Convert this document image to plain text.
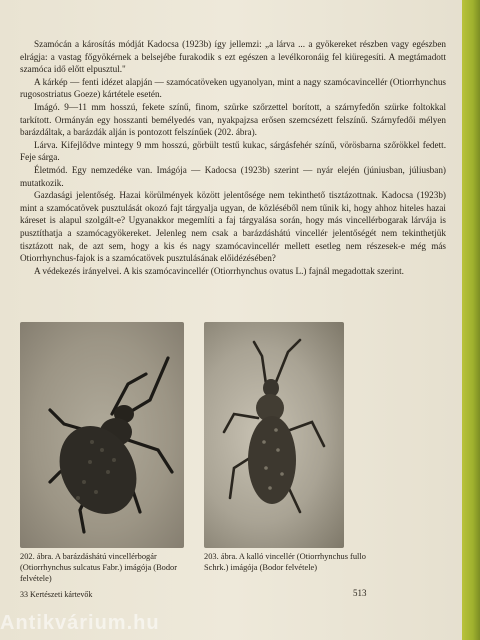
Szamócán a károsítás módját Kadocsa (1923b) így jellemzi: „a lárva ... a gyökereket részben vagy egészben elrágja: a vastag főgyökérnek a belsejébe furakodik s ezt egészen a levélkoronáig fel kiüregesíti. A megtámadott szamóca idő előtt elpusztul."

A kárkép — fenti idézet alapján — szamócatöveken ugyanolyan, mint a nagy szamócavincellér (Otiorrhynchus rugosostriatus Goeze) kártétele esetén.

Imágó. 9—11 mm hosszú, fekete színű, finom, szürke szőrzettel borított, a szárnyfedőn szürke foltokkal tarkított. Ormányán egy hosszanti bemélyedés van, nyakpajzsa erősen szemcsézett felszínű. Szárnyfedői mélyen barázdáltak, a barázdák alján is pontozott felszínűek (202. ábra).

Lárva. Kifejlődve mintegy 9 mm hosszú, görbült testű kukac, sárgásfehér színű, vörösbarna szőrökkel fedett. Feje sárga.

Életmód. Egy nemzedéke van. Imágója — Kadocsa (1923b) szerint — nyár elején (júniusban, júliusban) mutatkozik.

Gazdasági jelentőség. Hazai körülmények között jelentősége nem tekinthető tisztázottnak. Kadocsa (1923b) mint a szamócatövek pusztulását okozó fajt tárgyalja ugyan, de közléséből nem tűnik ki, hogy ahhoz hiteles hazai káreset is alapul szolgált-e? Ugyanakkor megemlíti a faj tárgyalása során, hogy más vincellérbogarak lárvája is pusztíthatja a szamócagyökereket. Jelenleg nem csak a barázdáshátú vincellér jelentőségét nem tekinthetjük tisztázott nak, de azt sem, hogy a kis és nagy szamócavincellér mellett esetleg nem részesek-e még más Otiorrhynchus-fajok is a szamócatövek pusztulásának előidézésében?

A védekezés irányelvei. A kis szamócavincellér (Otiorrhynchus ovatus L.) fajnál megadottak szerint.

202. ábra. A barázdáshátú vincellérbogár (Otiorrhynchus sulcatus Fabr.) imágója (Bodor felvétele)
203. ábra. A kalló vincellér (Otiorrhynchus fullo Schrk.) imágója (Bodor felvétele)
33 Kertészeti kártevők	513
Antikvárium.hu
